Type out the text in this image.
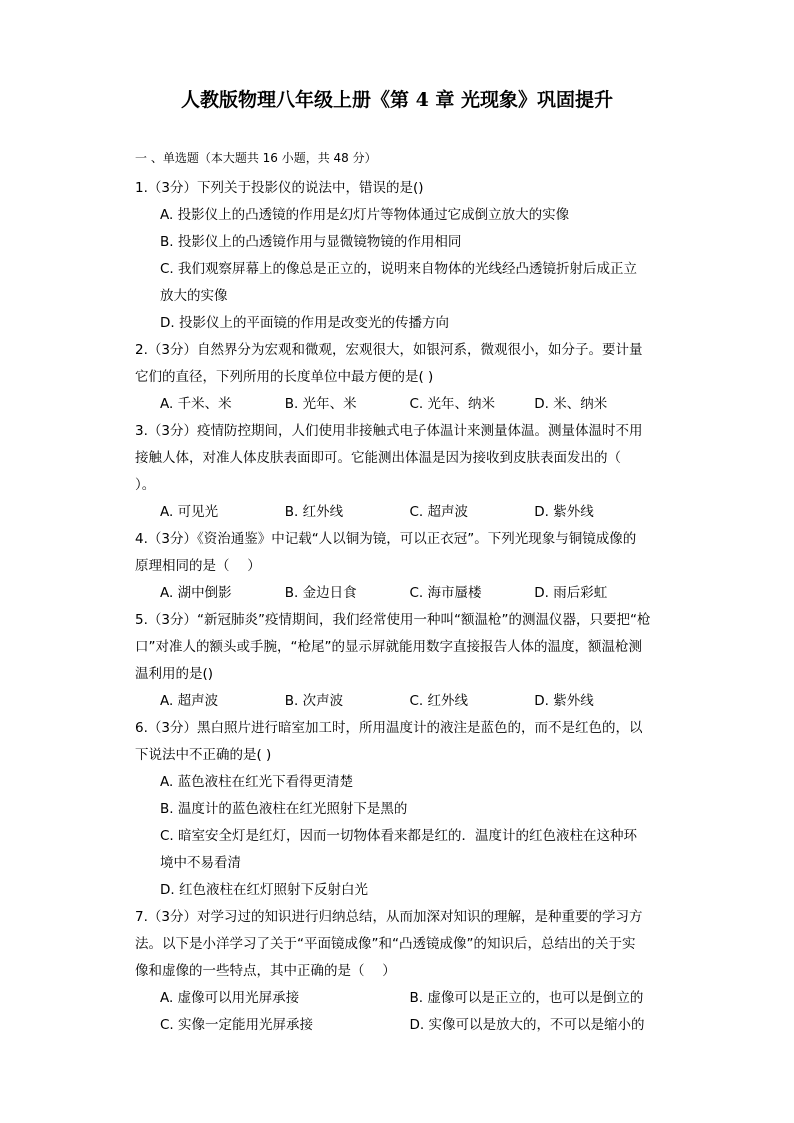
人教版物理八年级上册《第 4 章 光现象》巩固提升
一 、单选题（本大题共 16 小题，共 48 分）
1.（3分）下列关于投影仪的说法中，错误的是()
A. 投影仪上的凸透镜的作用是幻灯片等物体通过它成倒立放大的实像
B. 投影仪上的凸透镜作用与显微镜物镜的作用相同
C. 我们观察屏幕上的像总是正立的，说明来自物体的光线经凸透镜折射后成正立
放大的实像
D. 投影仪上的平面镜的作用是改变光的传播方向
2.（3分）自然界分为宏观和微观，宏观很大，如银河系，微观很小，如分子。要计量
它们的直径，下列所用的长度单位中最方便的是( )
A. 千米、米	B. 光年、米	C. 光年、纳米	D. 米、纳米
3.（3分）疫情防控期间，人们使用非接触式电子体温计来测量体温。测量体温时不用
接触人体，对准人体皮肤表面即可。它能测出体温是因为接收到皮肤表面发出的（
）。
A. 可见光	B. 红外线	C. 超声波	D. 紫外线
4.（3分）《资治通鉴》中记载“人以铜为镜，可以正衣冠”。下列光现象与铜镜成像的
原理相同的是（　 ）
A. 湖中倒影	B. 金边日食	C. 海市蜃楼	D. 雨后彩虹
5.（3分）“新冠肺炎”疫情期间，我们经常使用一种叫“额温枪”的测温仪器，只要把“枪
口”对准人的额头或手腕，“枪尾”的显示屏就能用数字直接报告人体的温度，额温枪测
温利用的是()
A. 超声波	B. 次声波	C. 红外线	D. 紫外线
6.（3分）黑白照片进行暗室加工时，所用温度计的液注是蓝色的，而不是红色的，以
下说法中不正确的是( )
A. 蓝色液柱在红光下看得更清楚
B. 温度计的蓝色液柱在红光照射下是黑的
C. 暗室安全灯是红灯，因而一切物体看来都是红的．温度计的红色液柱在这种环
境中不易看清
D. 红色液柱在红灯照射下反射白光
7.（3分）对学习过的知识进行归纳总结，从而加深对知识的理解，是种重要的学习方
法。以下是小洋学习了关于“平面镜成像”和“凸透镜成像”的知识后，总结出的关于实
像和虚像的一些特点，其中正确的是（　 ）
A. 虚像可以用光屏承接	B. 虚像可以是正立的，也可以是倒立的
C. 实像一定能用光屏承接	D. 实像可以是放大的，不可以是缩小的
